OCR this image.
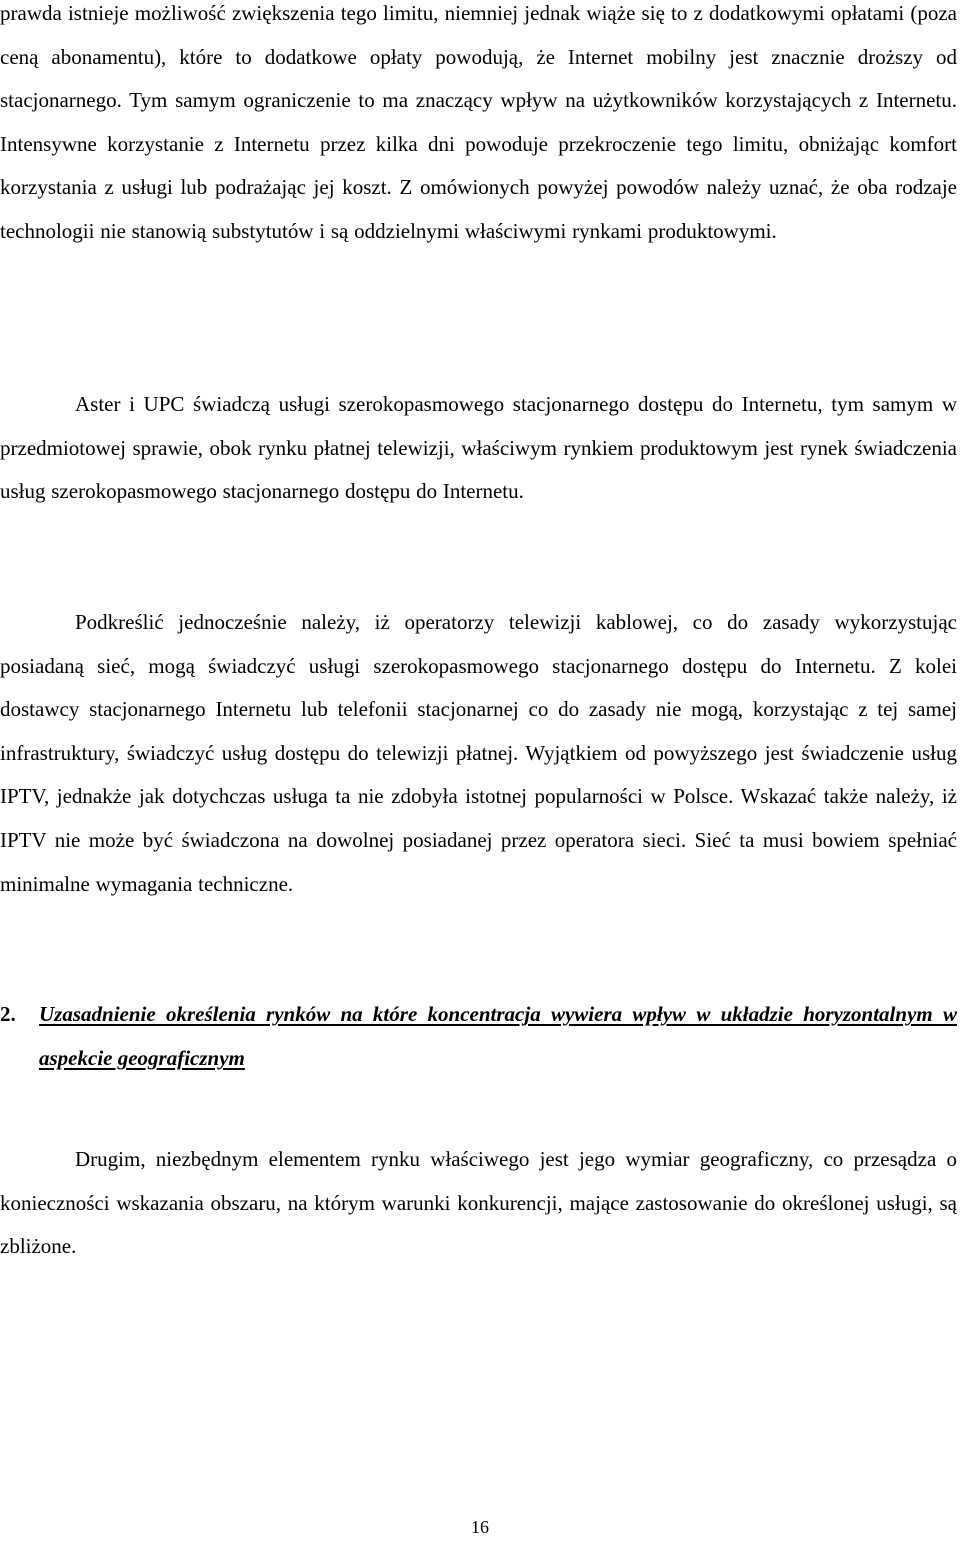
prawda istnieje możliwość zwiększenia tego limitu, niemniej jednak wiąże się to z dodatkowymi opłatami (poza ceną abonamentu), które to dodatkowe opłaty powodują, że Internet mobilny jest znacznie droższy od stacjonarnego. Tym samym ograniczenie to ma znaczący wpływ na użytkowników korzystających z Internetu. Intensywne korzystanie z Internetu przez kilka dni powoduje przekroczenie tego limitu, obniżając komfort korzystania z usługi lub podrażając jej koszt. Z omówionych powyżej powodów należy uznać, że oba rodzaje technologii nie stanowią substytutów i są oddzielnymi właściwymi rynkami produktowymi.

Aster i UPC świadczą usługi szerokopasmowego stacjonarnego dostępu do Internetu, tym samym w przedmiotowej sprawie, obok rynku płatnej telewizji, właściwym rynkiem produktowym jest rynek świadczenia usług szerokopasmowego stacjonarnego dostępu do Internetu.

Podkreślić jednocześnie należy, iż operatorzy telewizji kablowej, co do zasady wykorzystując posiadaną sieć, mogą świadczyć usługi szerokopasmowego stacjonarnego dostępu do Internetu. Z kolei dostawcy stacjonarnego Internetu lub telefonii stacjonarnej co do zasady nie mogą, korzystając z tej samej infrastruktury, świadczyć usług dostępu do telewizji płatnej. Wyjątkiem od powyższego jest świadczenie usług IPTV, jednakże jak dotychczas usługa ta nie zdobyła istotnej popularności w Polsce. Wskazać także należy, iż IPTV nie może być świadczona na dowolnej posiadanej przez operatora sieci. Sieć ta musi bowiem spełniać minimalne wymagania techniczne.

2. Uzasadnienie określenia rynków na które koncentracja wywiera wpływ w układzie horyzontalnym w aspekcie geograficznym

Drugim, niezbędnym elementem rynku właściwego jest jego wymiar geograficzny, co przesądza o konieczności wskazania obszaru, na którym warunki konkurencji, mające zastosowanie do określonej usługi, są zbliżone.

16
